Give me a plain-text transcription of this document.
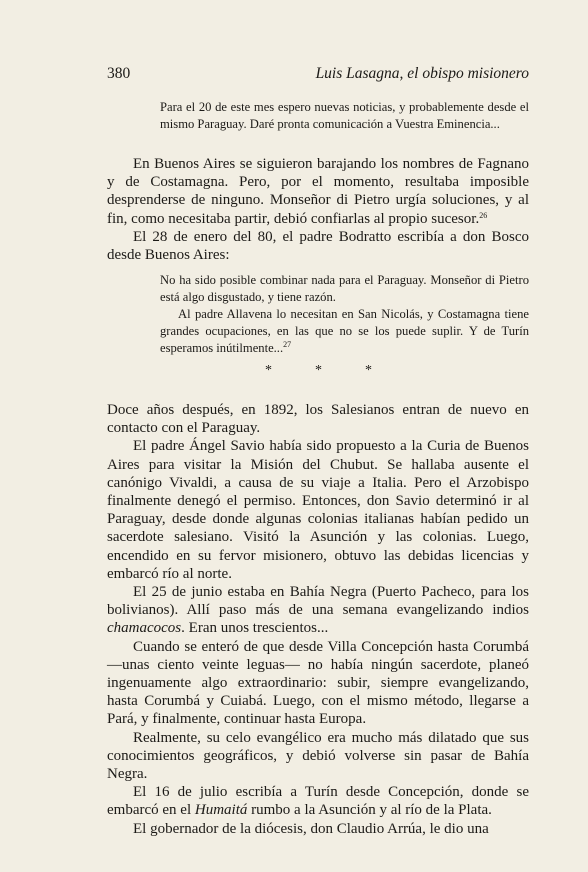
380	Luis Lasagna, el obispo misionero

Para el 20 de este mes espero nuevas noticias, y probablemente desde el mismo Paraguay. Daré pronta comunicación a Vuestra Eminencia...

En Buenos Aires se siguieron barajando los nombres de Fagnano y de Costamagna. Pero, por el momento, resultaba imposible desprenderse de ninguno. Monseñor di Pietro urgía soluciones, y al fin, como necesitaba partir, debió confiarlas al propio sucesor.$^{26}$

El 28 de enero del 80, el padre Bodratto escribía a don Bosco desde Buenos Aires:

No ha sido posible combinar nada para el Paraguay. Monseñor di Pietro está algo disgustado, y tiene razón.

Al padre Allavena lo necesitan en San Nicolás, y Costamagna tiene grandes ocupaciones, en las que no se los puede suplir. Y de Turín esperamos inútilmente...$^{27}$

*	*	*

Doce años después, en 1892, los Salesianos entran de nuevo en contacto con el Paraguay.

El padre Ángel Savio había sido propuesto a la Curia de Buenos Aires para visitar la Misión del Chubut. Se hallaba ausente el canónigo Vivaldi, a causa de su viaje a Italia. Pero el Arzobispo finalmente denegó el permiso. Entonces, don Savio determinó ir al Paraguay, desde donde algunas colonias italianas habían pedido un sacerdote salesiano. Visitó la Asunción y las colonias. Luego, encendido en su fervor misionero, obtuvo las debidas licencias y embarcó río al norte.

El 25 de junio estaba en Bahía Negra (Puerto Pacheco, para los bolivianos). Allí paso más de una semana evangelizando indios chamacocos. Eran unos trescientos...

Cuando se enteró de que desde Villa Concepción hasta Corumbá —unas ciento veinte leguas— no había ningún sacerdote, planeó ingenuamente algo extraordinario: subir, siempre evangelizando, hasta Corumbá y Cuiabá. Luego, con el mismo método, llegarse a Pará, y finalmente, continuar hasta Europa.

Realmente, su celo evangélico era mucho más dilatado que sus conocimientos geográficos, y debió volverse sin pasar de Bahía Negra.

El 16 de julio escribía a Turín desde Concepción, donde se embarcó en el Humaitá rumbo a la Asunción y al río de la Plata.

El gobernador de la diócesis, don Claudio Arrúa, le dio una
